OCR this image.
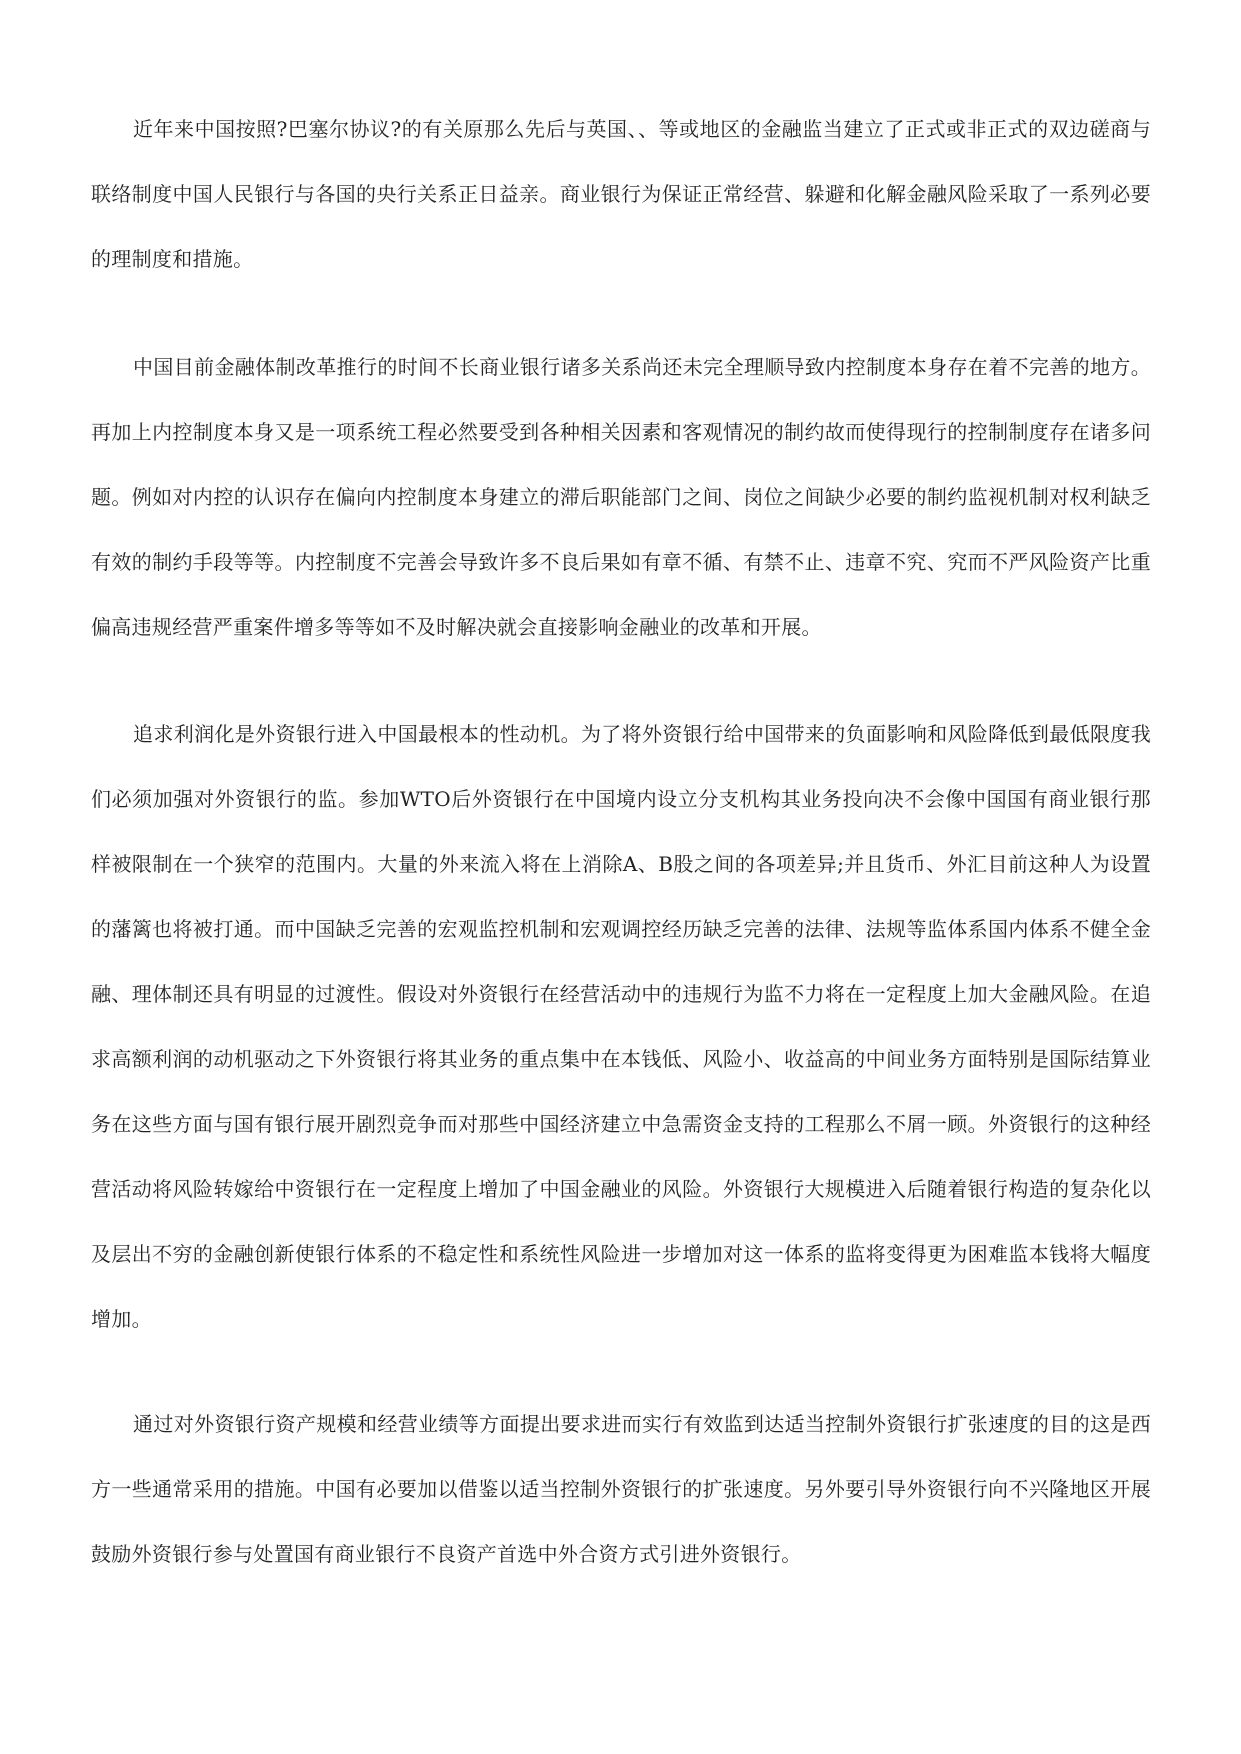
近年来中国按照?巴塞尔协议?的有关原那么先后与英国、、等或地区的金融监当建立了正式或非正式的双边磋商与联络制度中国人民银行与各国的央行关系正日益亲。商业银行为保证正常经营、躲避和化解金融风险采取了一系列必要的理制度和措施。

中国目前金融体制改革推行的时间不长商业银行诸多关系尚还未完全理顺导致内控制度本身存在着不完善的地方。再加上内控制度本身又是一项系统工程必然要受到各种相关因素和客观情况的制约故而使得现行的控制制度存在诸多问题。例如对内控的认识存在偏向内控制度本身建立的滞后职能部门之间、岗位之间缺少必要的制约监视机制对权利缺乏有效的制约手段等等。内控制度不完善会导致许多不良后果如有章不循、有禁不止、违章不究、究而不严风险资产比重偏高违规经营严重案件增多等等如不及时解决就会直接影响金融业的改革和开展。

追求利润化是外资银行进入中国最根本的性动机。为了将外资银行给中国带来的负面影响和风险降低到最低限度我们必须加强对外资银行的监。参加WTO后外资银行在中国境内设立分支机构其业务投向决不会像中国国有商业银行那样被限制在一个狭窄的范围内。大量的外来流入将在上消除A、B股之间的各项差异;并且货币、外汇目前这种人为设置的藩篱也将被打通。而中国缺乏完善的宏观监控机制和宏观调控经历缺乏完善的法律、法规等监体系国内体系不健全金融、理体制还具有明显的过渡性。假设对外资银行在经营活动中的违规行为监不力将在一定程度上加大金融风险。在追求高额利润的动机驱动之下外资银行将其业务的重点集中在本钱低、风险小、收益高的中间业务方面特别是国际结算业务在这些方面与国有银行展开剧烈竞争而对那些中国经济建立中急需资金支持的工程那么不屑一顾。外资银行的这种经营活动将风险转嫁给中资银行在一定程度上增加了中国金融业的风险。外资银行大规模进入后随着银行构造的复杂化以及层出不穷的金融创新使银行体系的不稳定性和系统性风险进一步增加对这一体系的监将变得更为困难监本钱将大幅度增加。

通过对外资银行资产规模和经营业绩等方面提出要求进而实行有效监到达适当控制外资银行扩张速度的目的这是西方一些通常采用的措施。中国有必要加以借鉴以适当控制外资银行的扩张速度。另外要引导外资银行向不兴隆地区开展鼓励外资银行参与处置国有商业银行不良资产首选中外合资方式引进外资银行。
